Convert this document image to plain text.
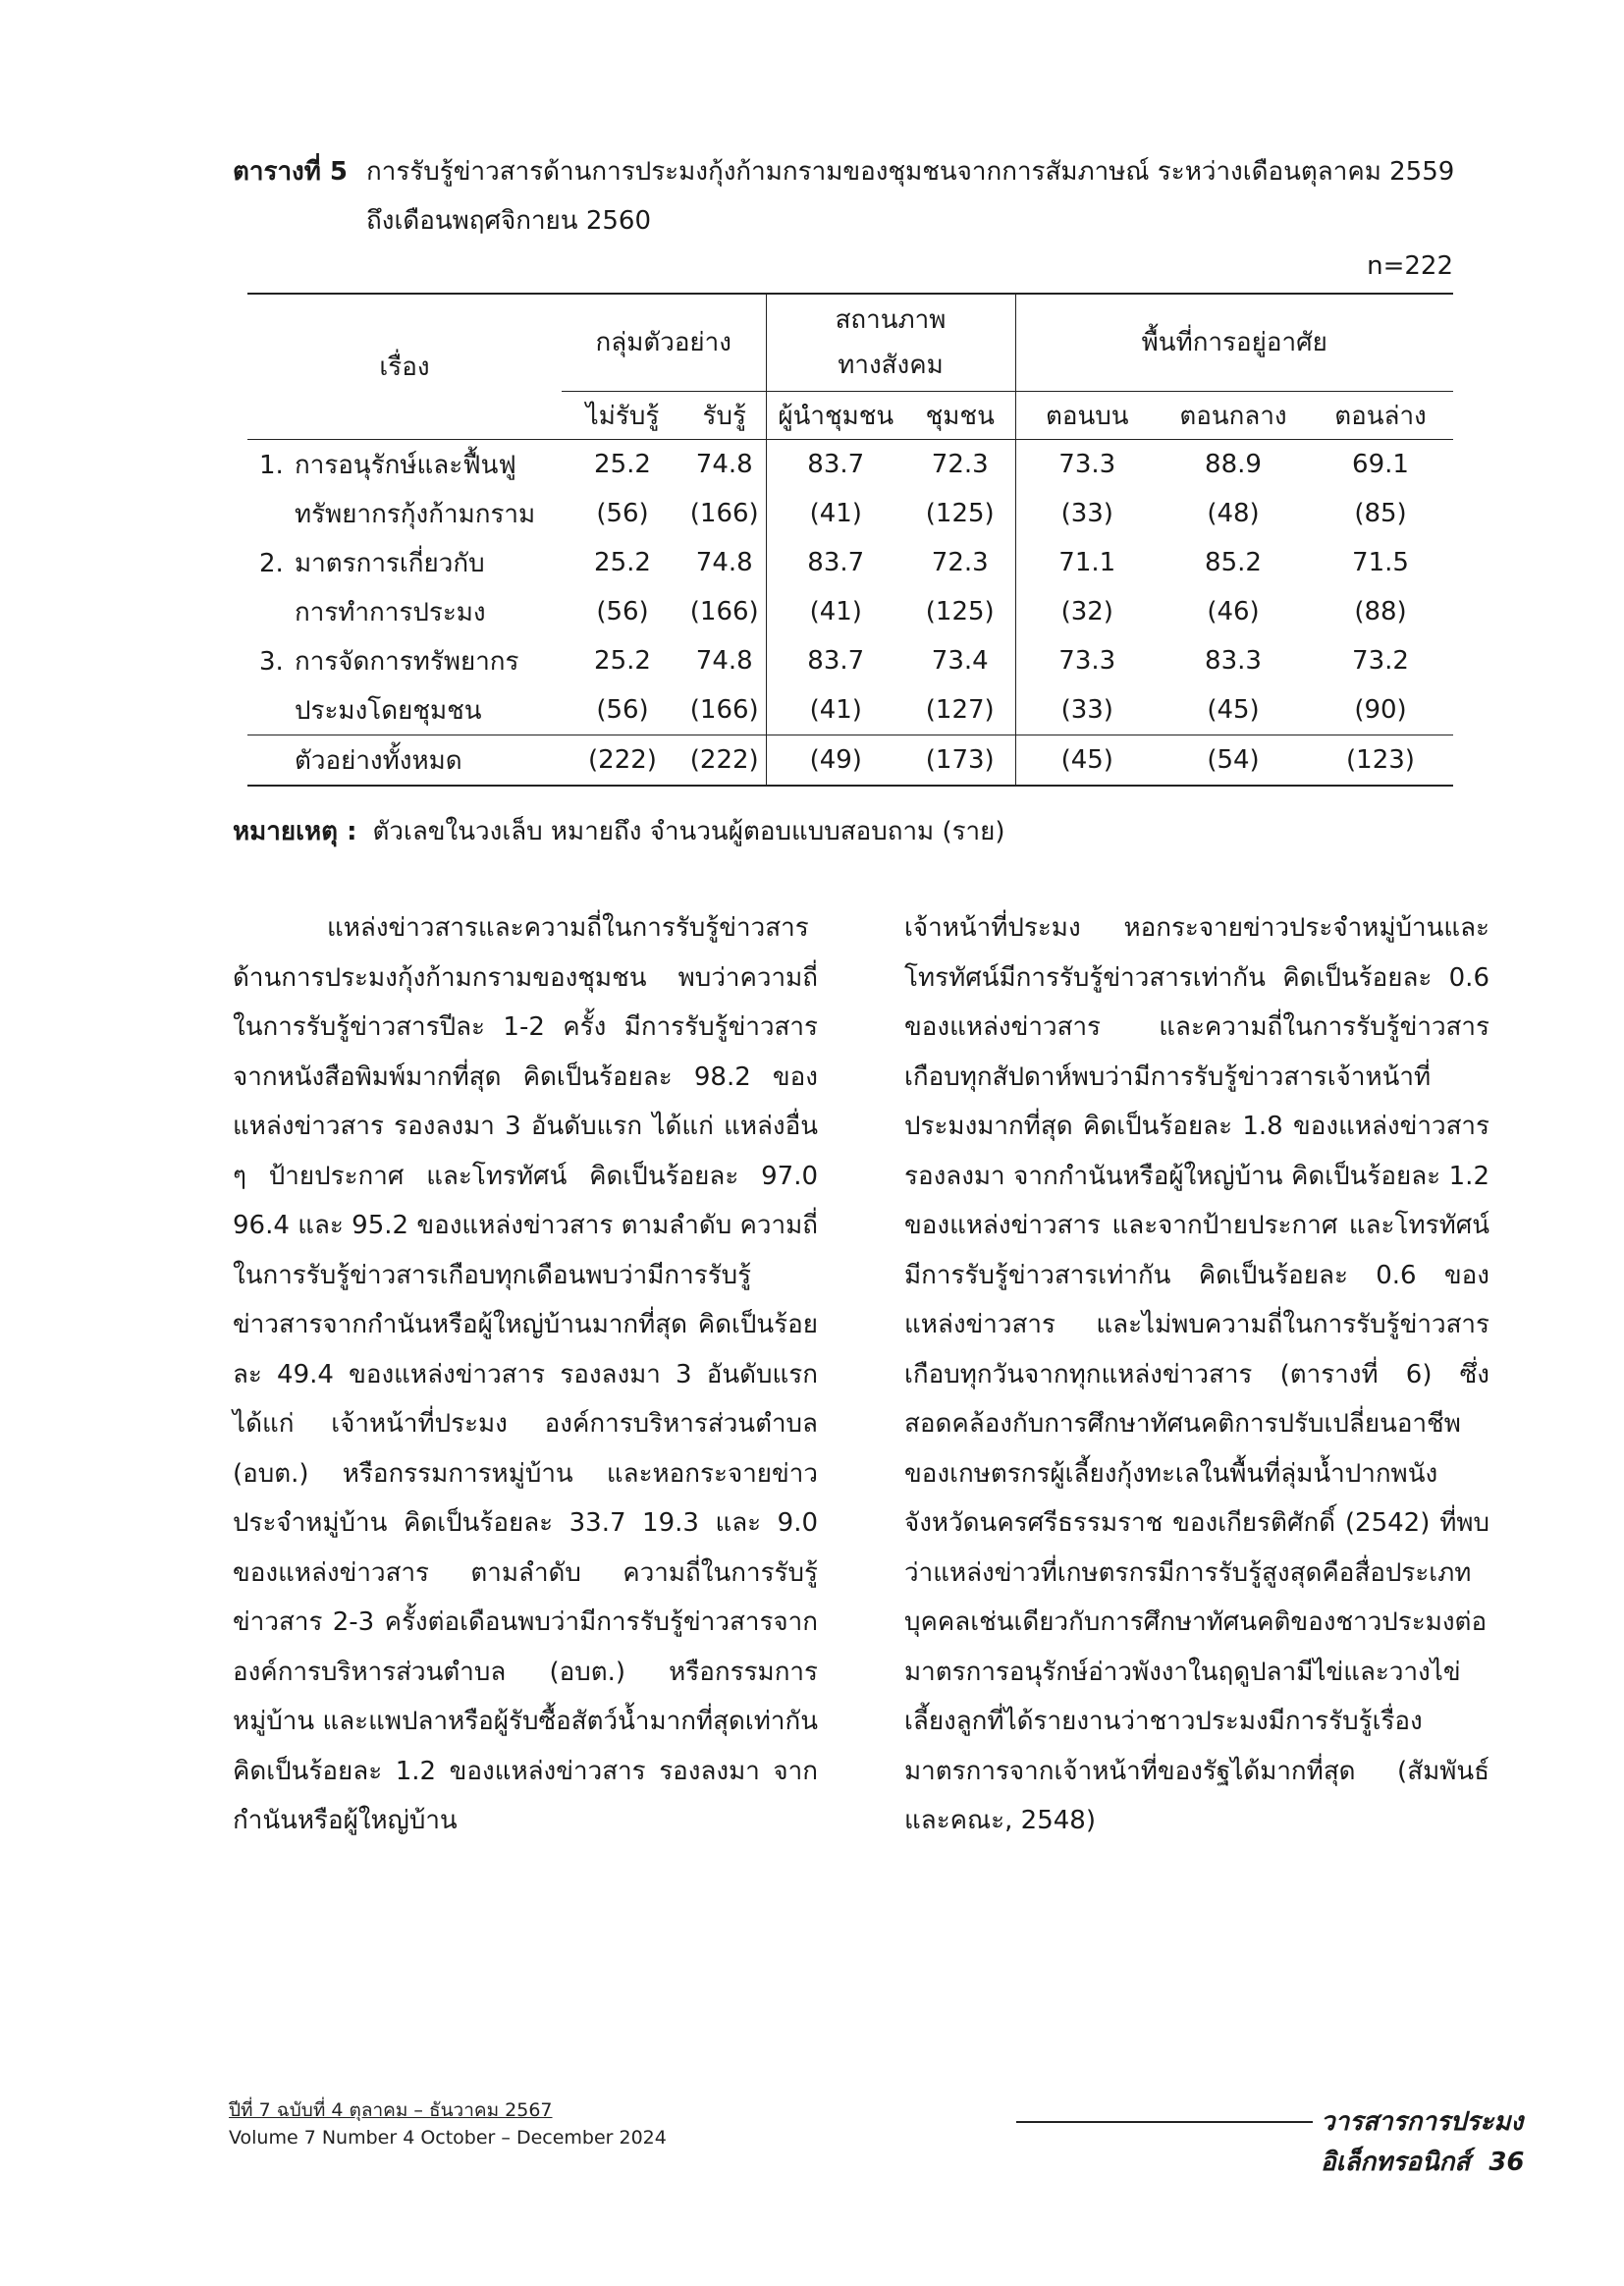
ตารางที่ 5 การรับรู้ข่าวสารด้านการประมงกุ้งก้ามกรามของชุมชนจากการสัมภาษณ์ ระหว่างเดือนตุลาคม 2559
ถึงเดือนพฤศจิกายน 2560
n=222
เรื่อง	กลุ่มตัวอย่าง		สถานภาพ ทางสังคม		พื้นที่การอยู่อาศัย		
	ไม่รับรู้	รับรู้	ผู้นำชุมชน	ชุมชน	ตอนบน	ตอนกลาง	ตอนล่าง
1. การอนุรักษ์และฟื้นฟู	25.2	74.8	83.7	72.3	73.3	88.9	69.1
ทรัพยากรกุ้งก้ามกราม	(56)	(166)	(41)	(125)	(33)	(48)	(85)
2. มาตรการเกี่ยวกับ	25.2	74.8	83.7	72.3	71.1	85.2	71.5
การทำการประมง	(56)	(166)	(41)	(125)	(32)	(46)	(88)
3. การจัดการทรัพยากร	25.2	74.8	83.7	73.4	73.3	83.3	73.2
ประมงโดยชุมชน	(56)	(166)	(41)	(127)	(33)	(45)	(90)
ตัวอย่างทั้งหมด	(222)	(222)	(49)	(173)	(45)	(54)	(123)
หมายเหตุ : ตัวเลขในวงเล็บ หมายถึง จำนวนผู้ตอบแบบสอบถาม (ราย)
แหล่งข่าวสารและความถี่ในการรับรู้ข่าวสารด้านการประมงกุ้งก้ามกรามของชุมชน พบว่าความถี่ในการรับรู้ข่าวสารปีละ 1-2 ครั้ง มีการรับรู้ข่าวสารจากหนังสือพิมพ์มากที่สุด คิดเป็นร้อยละ 98.2 ของแหล่งข่าวสาร รองลงมา 3 อันดับแรก ได้แก่ แหล่งอื่น ๆ ป้ายประกาศ และโทรทัศน์ คิดเป็นร้อยละ 97.0 96.4 และ 95.2 ของแหล่งข่าวสาร ตามลำดับ ความถี่ในการรับรู้ข่าวสารเกือบทุกเดือนพบว่ามีการรับรู้ข่าวสารจากกำนันหรือผู้ใหญ่บ้านมากที่สุด คิดเป็นร้อยละ 49.4 ของแหล่งข่าวสาร รองลงมา 3 อันดับแรก ได้แก่ เจ้าหน้าที่ประมง องค์การบริหารส่วนตำบล (อบต.) หรือกรรมการหมู่บ้าน และหอกระจายข่าวประจำหมู่บ้าน คิดเป็นร้อยละ 33.7 19.3 และ 9.0 ของแหล่งข่าวสาร ตามลำดับ ความถี่ในการรับรู้ข่าวสาร 2-3 ครั้งต่อเดือนพบว่ามีการรับรู้ข่าวสารจากองค์การบริหารส่วนตำบล (อบต.) หรือกรรมการหมู่บ้าน และแพปลาหรือผู้รับซื้อสัตว์น้ำมากที่สุดเท่ากัน คิดเป็นร้อยละ 1.2 ของแหล่งข่าวสาร รองลงมา จากกำนันหรือผู้ใหญ่บ้าน
เจ้าหน้าที่ประมง หอกระจายข่าวประจำหมู่บ้านและโทรทัศน์มีการรับรู้ข่าวสารเท่ากัน คิดเป็นร้อยละ 0.6 ของแหล่งข่าวสาร และความถี่ในการรับรู้ข่าวสารเกือบทุกสัปดาห์พบว่ามีการรับรู้ข่าวสารเจ้าหน้าที่ประมงมากที่สุด คิดเป็นร้อยละ 1.8 ของแหล่งข่าวสาร รองลงมา จากกำนันหรือผู้ใหญ่บ้าน คิดเป็นร้อยละ 1.2 ของแหล่งข่าวสาร และจากป้ายประกาศ และโทรทัศน์มีการรับรู้ข่าวสารเท่ากัน คิดเป็นร้อยละ 0.6 ของแหล่งข่าวสาร และไม่พบความถี่ในการรับรู้ข่าวสารเกือบทุกวันจากทุกแหล่งข่าวสาร (ตารางที่ 6) ซึ่งสอดคล้องกับการศึกษาทัศนคติการปรับเปลี่ยนอาชีพของเกษตรกรผู้เลี้ยงกุ้งทะเลในพื้นที่ลุ่มน้ำปากพนัง จังหวัดนครศรีธรรมราช ของเกียรติศักดิ์ (2542) ที่พบว่าแหล่งข่าวที่เกษตรกรมีการรับรู้สูงสุดคือสื่อประเภทบุคคลเช่นเดียวกับการศึกษาทัศนคติของชาวประมงต่อมาตรการอนุรักษ์อ่าวพังงาในฤดูปลามีไข่และวางไข่เลี้ยงลูกที่ได้รายงานว่าชาวประมงมีการรับรู้เรื่องมาตรการจากเจ้าหน้าที่ของรัฐได้มากที่สุด (สัมพันธ์ และคณะ, 2548)
ปีที่ 7 ฉบับที่ 4 ตุลาคม – ธันวาคม 2567
Volume 7 Number 4 October – December 2024
วารสารการประมงอิเล็กทรอนิกส์ 36
